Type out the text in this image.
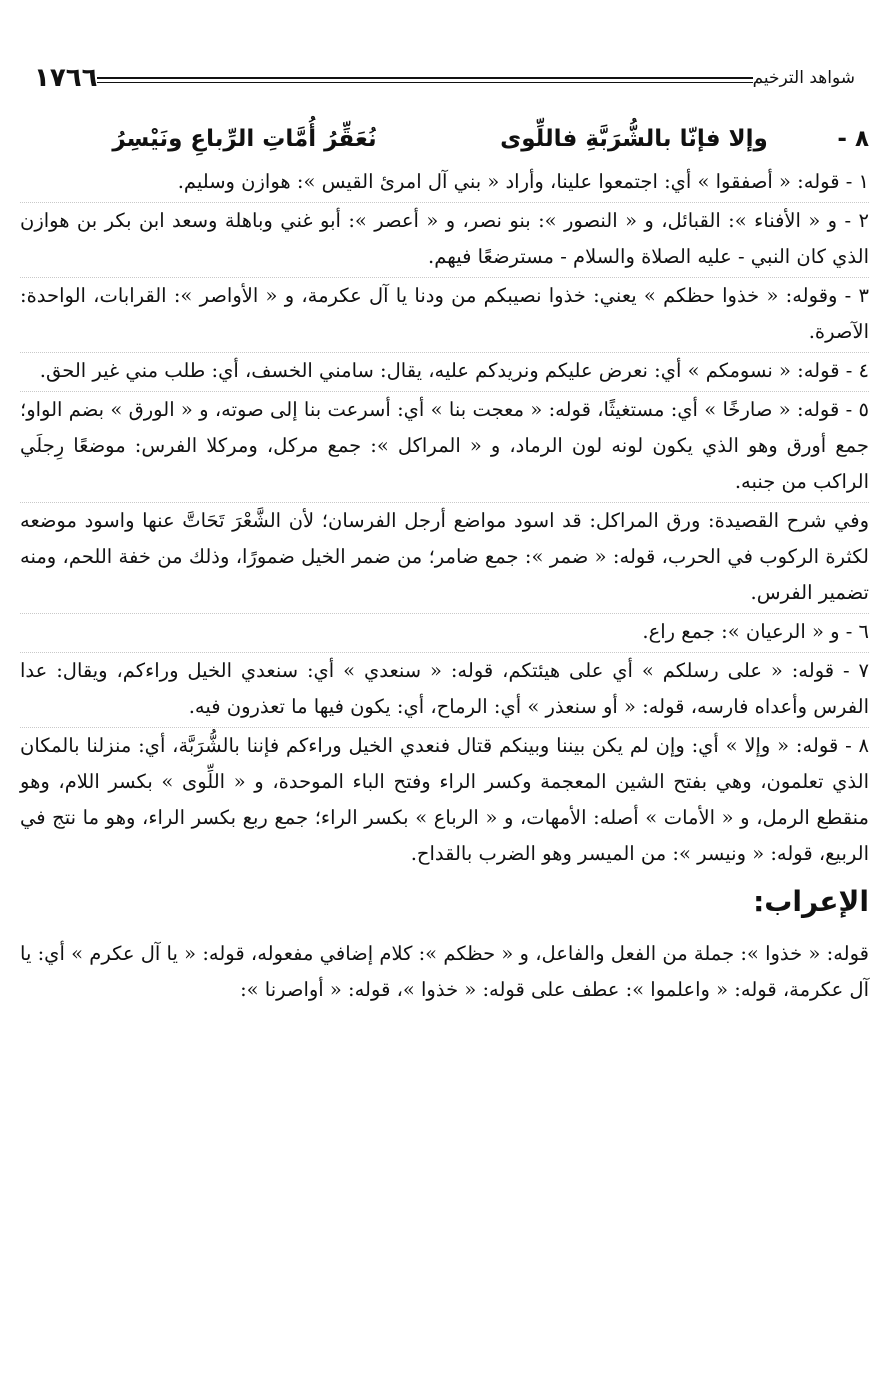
شواهد الترخيم
١٧٦٦
٨ -
وإلا فإنّا بالشُّرَبَّةِ فاللِّوى
نُعَقِّرُ أُمَّاتِ الرِّباعِ ونَيْسِرُ

١ - قوله: « أصفقوا » أي: اجتمعوا علينا، وأراد « بني آل امرئ القيس »: هوازن وسليم.

٢ - و « الأفناء »: القبائل، و « النصور »: بنو نصر، و « أعصر »: أبو غني وباهلة وسعد ابن بكر بن هوازن الذي كان النبي - عليه الصلاة والسلام - مسترضعًا فيهم.

٣ - وقوله: « خذوا حظكم » يعني: خذوا نصيبكم من ودنا يا آل عكرمة، و « الأواصر »: القرابات، الواحدة: الآصرة.

٤ - قوله: « نسومكم » أي: نعرض عليكم ونريدكم عليه، يقال: سامني الخسف، أي: طلب مني غير الحق.

٥ - قوله: « صارخًا » أي: مستغيثًا، قوله: « معجت بنا » أي: أسرعت بنا إلى صوته، و « الورق » بضم الواو؛ جمع أورق وهو الذي يكون لونه لون الرماد، و « المراكل »: جمع مركل، ومركلا الفرس: موضعًا رِجلَي الراكب من جنبه.

وفي شرح القصيدة: ورق المراكل: قد اسود مواضع أرجل الفرسان؛ لأن الشَّعْرَ تَحَاتَّ عنها واسود موضعه لكثرة الركوب في الحرب، قوله: « ضمر »: جمع ضامر؛ من ضمر الخيل ضمورًا، وذلك من خفة اللحم، ومنه تضمير الفرس.

٦ - و « الرعيان »: جمع راع.

٧ - قوله: « على رسلكم » أي على هيئتكم، قوله: « سنعدي » أي: سنعدي الخيل وراءكم، ويقال: عدا الفرس وأعداه فارسه، قوله: « أو سنعذر » أي: الرماح، أي: يكون فيها ما تعذرون فيه.

٨ - قوله: « وإلا » أي: وإن لم يكن بيننا وبينكم قتال فنعدي الخيل وراءكم فإننا بالشُّرَبَّة، أي: منزلنا بالمكان الذي تعلمون، وهي بفتح الشين المعجمة وكسر الراء وفتح الباء الموحدة، و « اللِّوى » بكسر اللام، وهو منقطع الرمل، و « الأمات » أصله: الأمهات، و « الرباع » بكسر الراء؛ جمع ربع بكسر الراء، وهو ما نتج في الربيع، قوله: « ونيسر »: من الميسر وهو الضرب بالقداح.

الإعراب:

قوله: « خذوا »: جملة من الفعل والفاعل، و « حظكم »: كلام إضافي مفعوله، قوله: « يا آل عكرم » أي: يا آل عكرمة، قوله: « واعلموا »: عطف على قوله: « خذوا »، قوله: « أواصرنا »:
